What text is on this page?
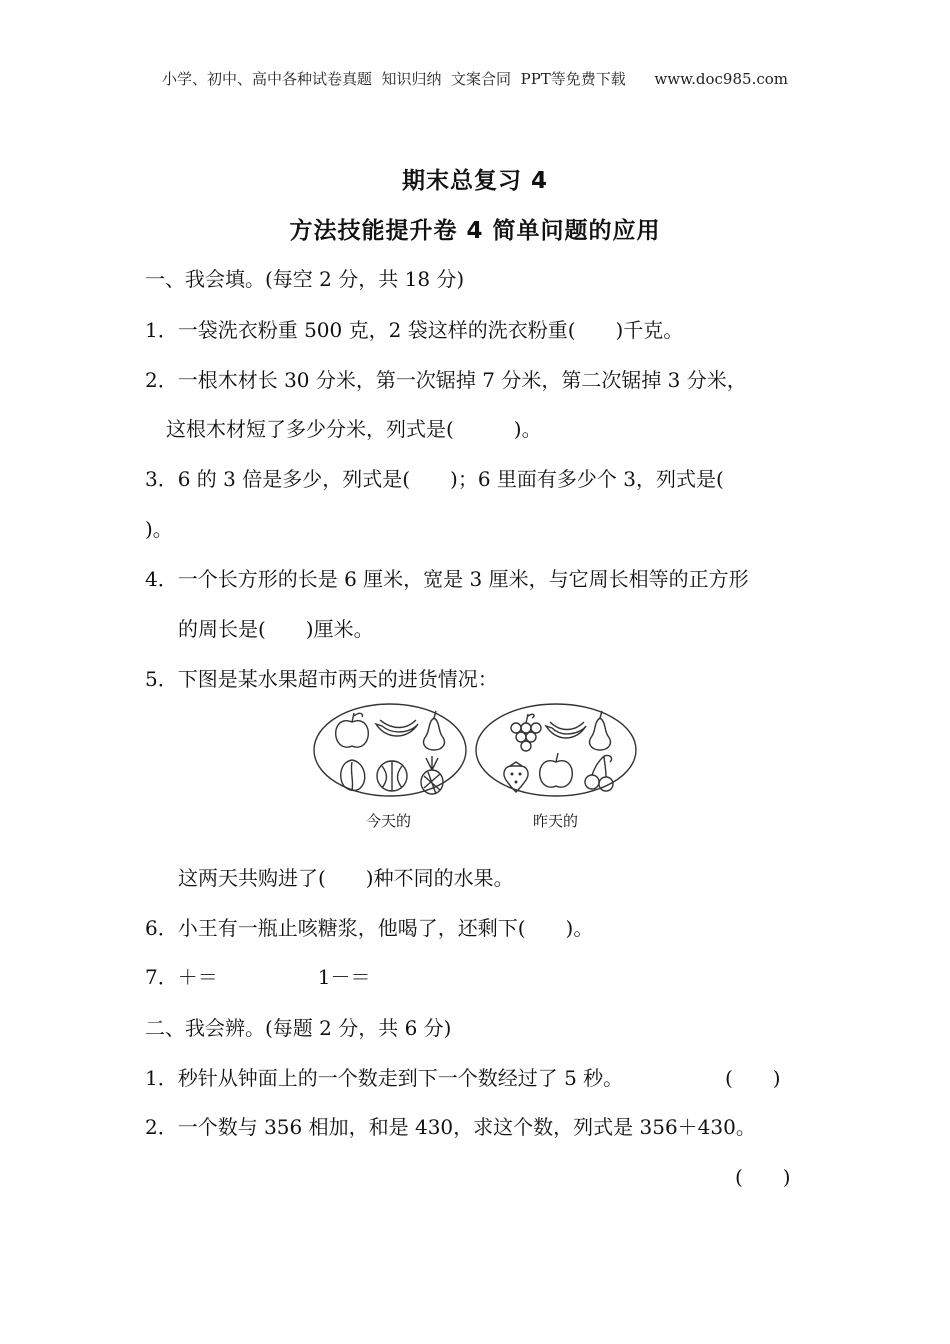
小学、初中、高中各种试卷真题  知识归纳  文案合同  PPT等免费下载      www.doc985.com
期末总复习 4
方法技能提升卷 4 简单问题的应用
一、我会填。(每空 2 分，共 18 分)
1．一袋洗衣粉重 500 克，2 袋这样的洗衣粉重(　　)千克。
2．一根木材长 30 分米，第一次锯掉 7 分米，第二次锯掉 3 分米，
这根木材短了多少分米，列式是(　　　)。
3．6 的 3 倍是多少，列式是(　　)；6 里面有多少个 3，列式是(
)。
4．一个长方形的长是 6 厘米，宽是 3 厘米，与它周长相等的正方形
的周长是(　　)厘米。
5．下图是某水果超市两天的进货情况：
今天的	昨天的
这两天共购进了(　　)种不同的水果。
6．小王有一瓶止咳糖浆，他喝了，还剩下(　　)。
7．＋＝　　　　　1－＝
二、我会辨。(每题 2 分，共 6 分)
1．秒针从钟面上的一个数走到下一个数经过了 5 秒。	(　　)
2．一个数与 356 相加，和是 430，求这个数，列式是 356＋430。
(　　)
